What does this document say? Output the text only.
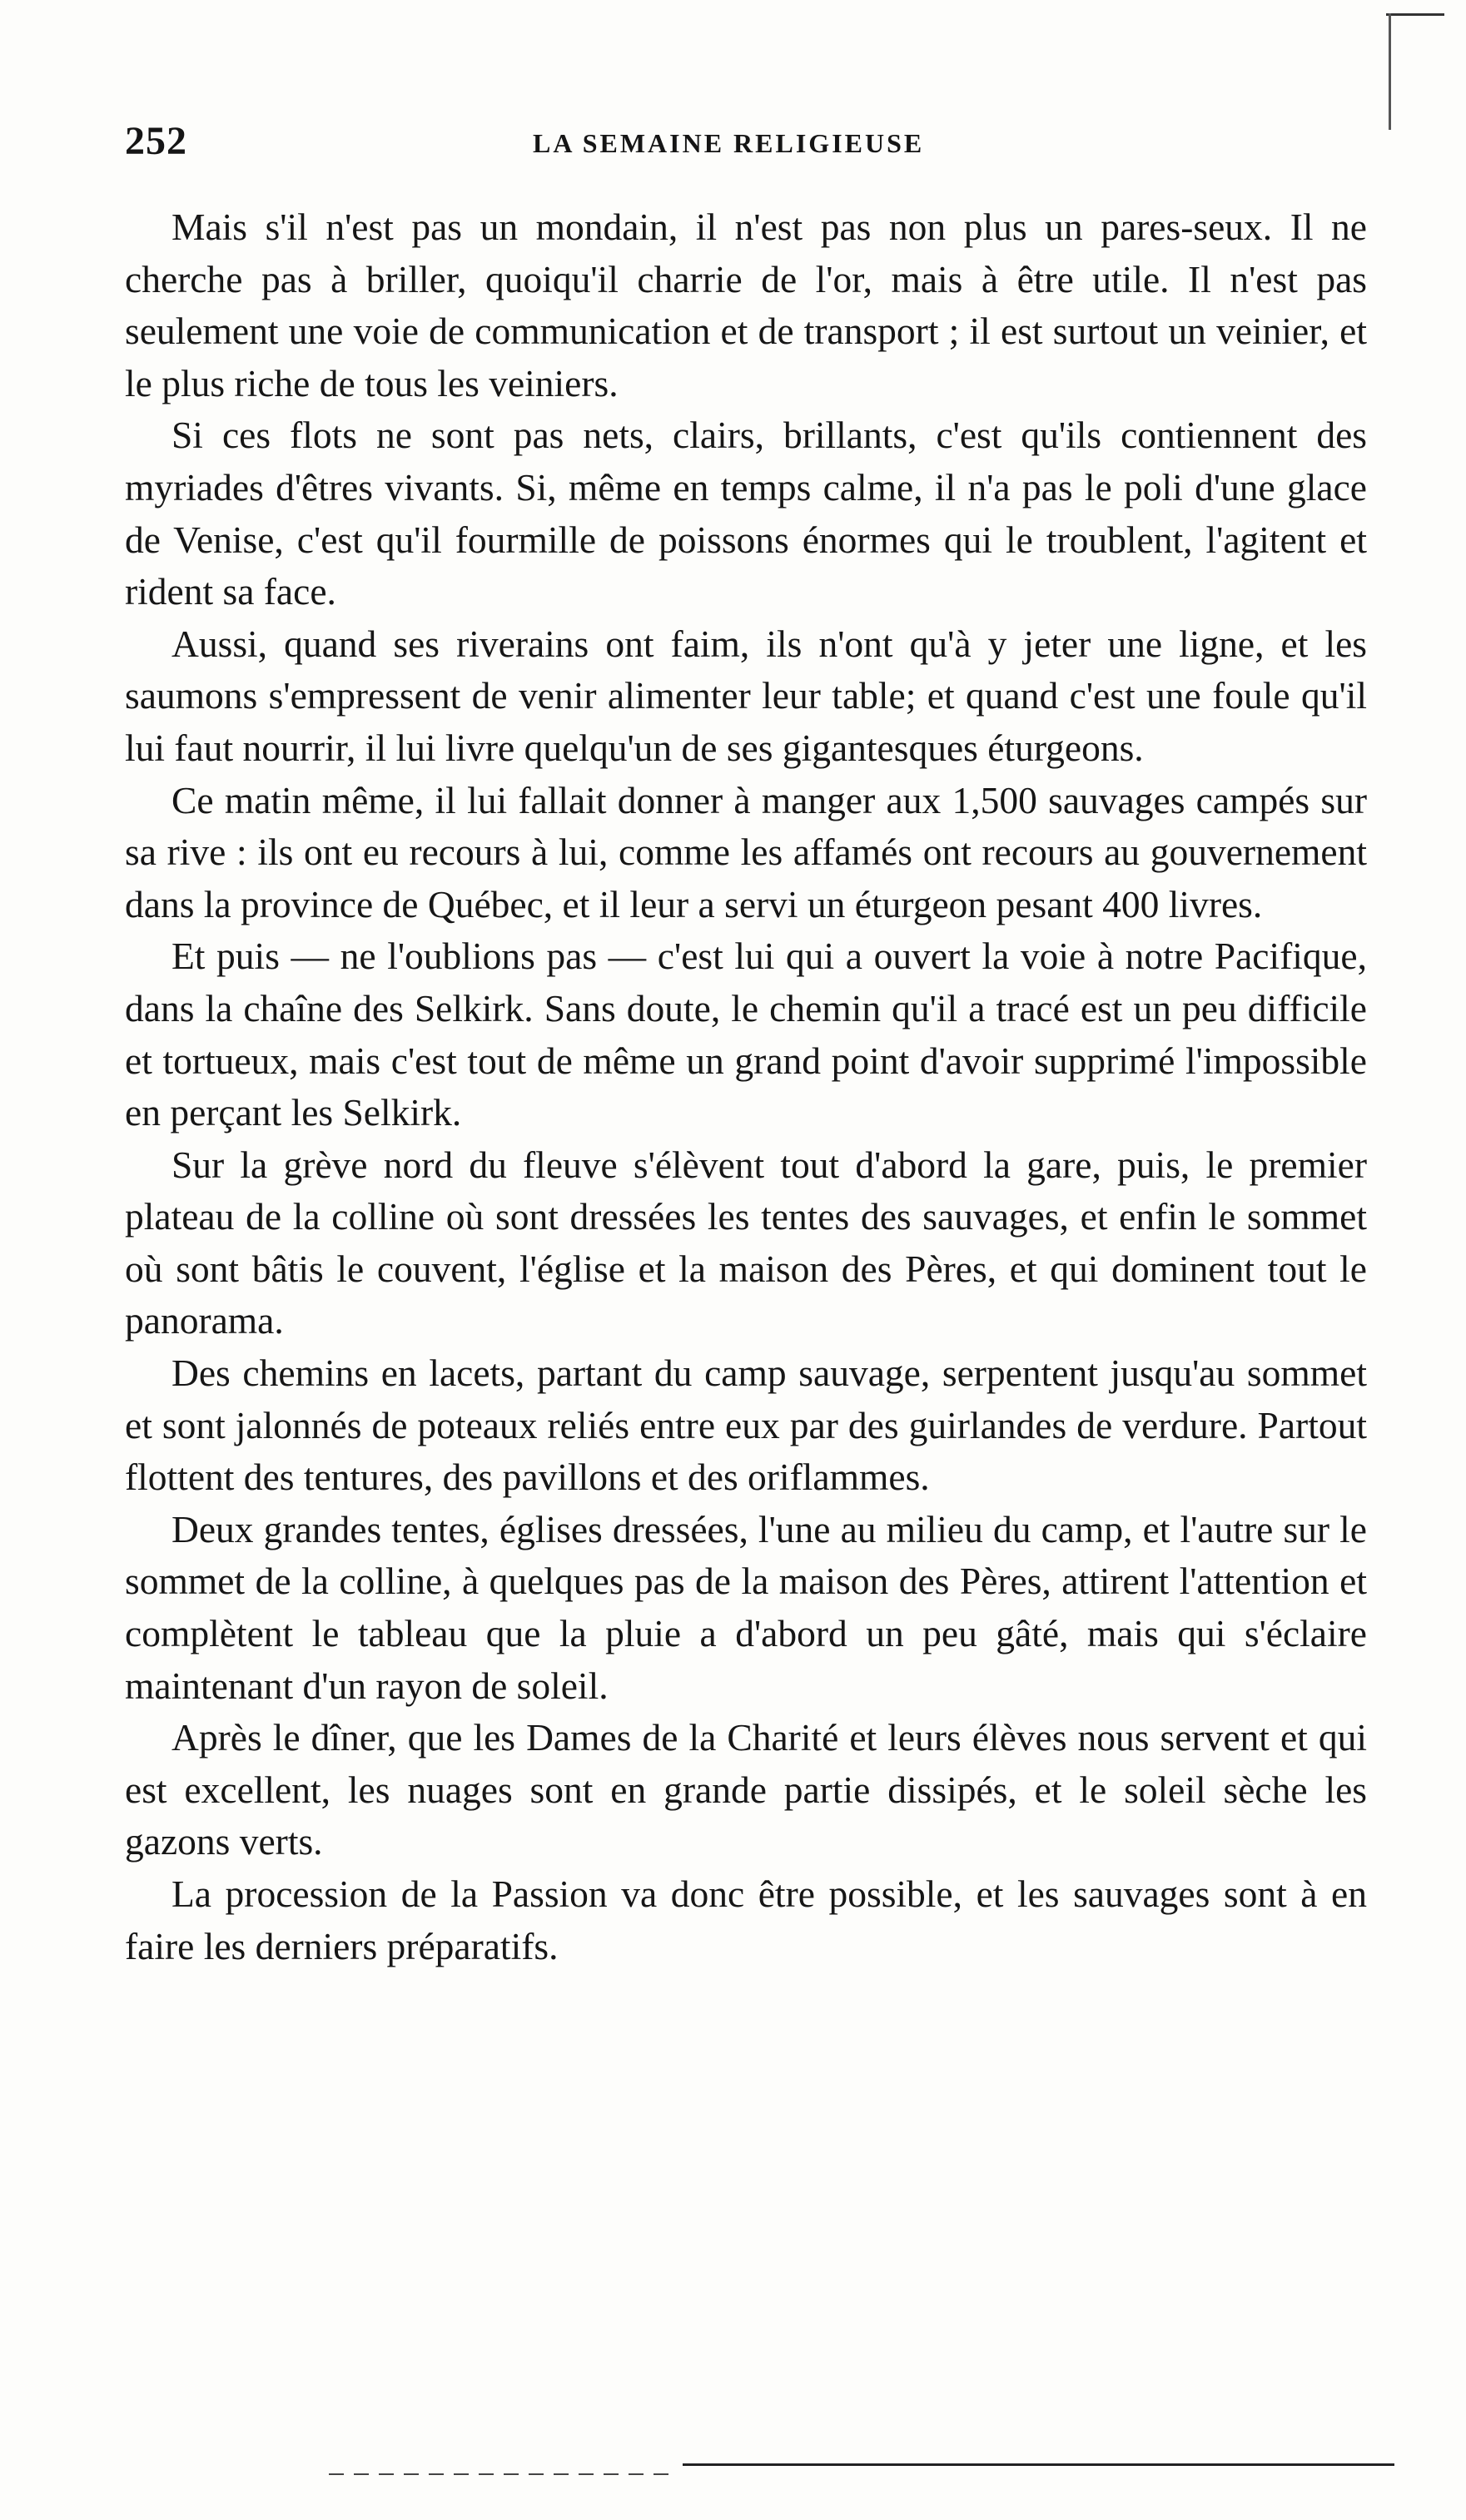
252	LA SEMAINE RELIGIEUSE

Mais s'il n'est pas un mondain, il n'est pas non plus un pares-seux. Il ne cherche pas à briller, quoiqu'il charrie de l'or, mais à être utile. Il n'est pas seulement une voie de communication et de transport ; il est surtout un veinier, et le plus riche de tous les veiniers.

Si ces flots ne sont pas nets, clairs, brillants, c'est qu'ils contiennent des myriades d'êtres vivants. Si, même en temps calme, il n'a pas le poli d'une glace de Venise, c'est qu'il fourmille de poissons énormes qui le troublent, l'agitent et rident sa face.

Aussi, quand ses riverains ont faim, ils n'ont qu'à y jeter une ligne, et les saumons s'empressent de venir alimenter leur table; et quand c'est une foule qu'il lui faut nourrir, il lui livre quelqu'un de ses gigantesques éturgeons.

Ce matin même, il lui fallait donner à manger aux 1,500 sauvages campés sur sa rive : ils ont eu recours à lui, comme les affamés ont recours au gouvernement dans la province de Québec, et il leur a servi un éturgeon pesant 400 livres.

Et puis — ne l'oublions pas — c'est lui qui a ouvert la voie à notre Pacifique, dans la chaîne des Selkirk. Sans doute, le chemin qu'il a tracé est un peu difficile et tortueux, mais c'est tout de même un grand point d'avoir supprimé l'impossible en perçant les Selkirk.

Sur la grève nord du fleuve s'élèvent tout d'abord la gare, puis, le premier plateau de la colline où sont dressées les tentes des sauvages, et enfin le sommet où sont bâtis le couvent, l'église et la maison des Pères, et qui dominent tout le panorama.

Des chemins en lacets, partant du camp sauvage, serpentent jusqu'au sommet et sont jalonnés de poteaux reliés entre eux par des guirlandes de verdure. Partout flottent des tentures, des pavillons et des oriflammes.

Deux grandes tentes, églises dressées, l'une au milieu du camp, et l'autre sur le sommet de la colline, à quelques pas de la maison des Pères, attirent l'attention et complètent le tableau que la pluie a d'abord un peu gâté, mais qui s'éclaire maintenant d'un rayon de soleil.

Après le dîner, que les Dames de la Charité et leurs élèves nous servent et qui est excellent, les nuages sont en grande partie dissipés, et le soleil sèche les gazons verts.

La procession de la Passion va donc être possible, et les sauvages sont à en faire les derniers préparatifs.
